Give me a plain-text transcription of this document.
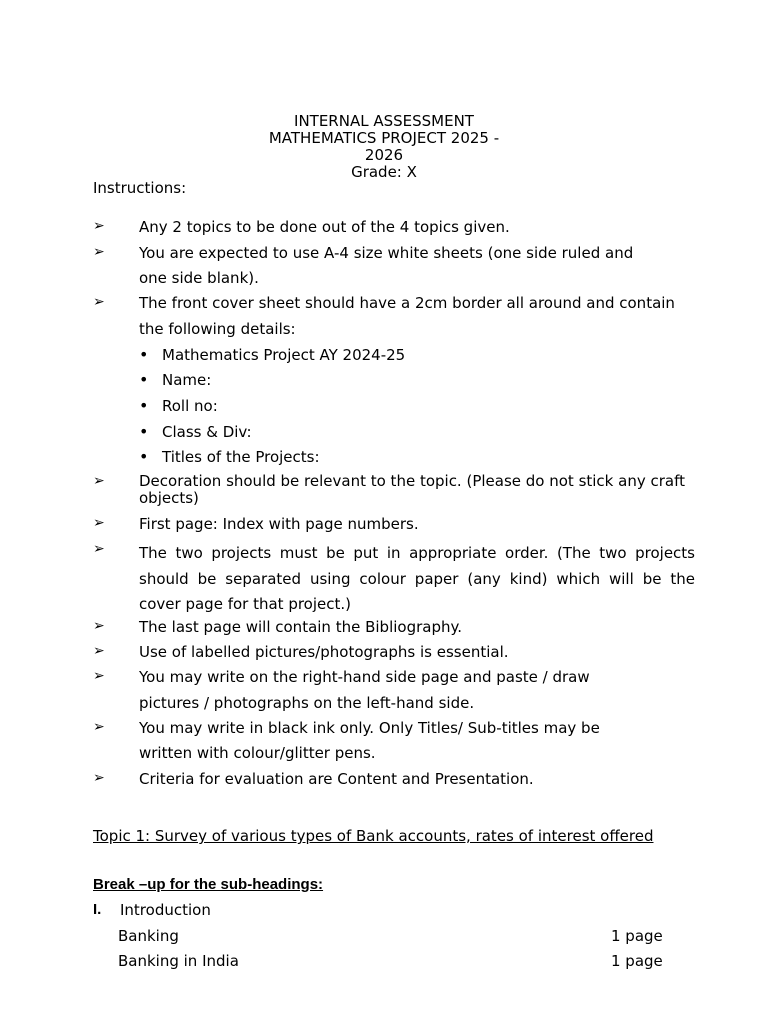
INTERNAL ASSESSMENT
MATHEMATICS PROJECT 2025 -
2026
Grade: X
Instructions:
➢ Any 2 topics to be done out of the 4 topics given.
➢ You are expected to use A-4 size white sheets (one side ruled and
one side blank).
➢ The front cover sheet should have a 2cm border all around and contain
the following details:
• Mathematics Project AY 2024-25
• Name:
• Roll no:
• Class & Div:
• Titles of the Projects:
➢ Decoration should be relevant to the topic. (Please do not stick any craft objects)
➢ First page: Index with page numbers.
➢ The two projects must be put in appropriate order. (The two projects should be separated using colour paper (any kind) which will be the cover page for that project.)
➢ The last page will contain the Bibliography.
➢ Use of labelled pictures/photographs is essential.
➢ You may write on the right-hand side page and paste / draw
pictures / photographs on the left-hand side.
➢ You may write in black ink only. Only Titles/ Sub-titles may be
written with colour/glitter pens.
➢ Criteria for evaluation are Content and Presentation.
Topic 1: Survey of various types of Bank accounts, rates of interest offered
Break –up for the sub-headings:
I. Introduction
Banking	1 page
Banking in India	1 page
